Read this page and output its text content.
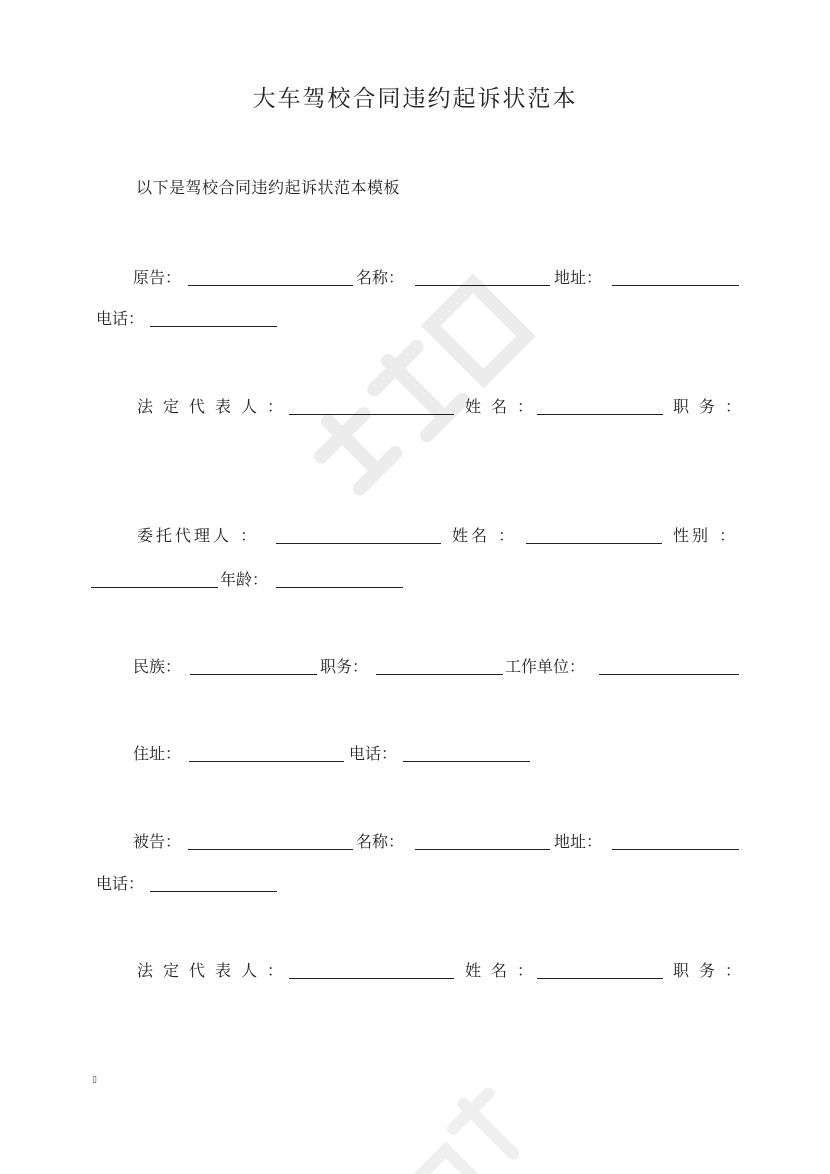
大车驾校合同违约起诉状范本
以下是驾校合同违约起诉状范本模板
原告：	名称：	地址：
电话：
法定代表人：	姓名：	职务：
委托代理人 ：	姓名 ：	性别 ：
年龄：
民族：	职务：	工作单位：
住址：	电话：
被告：	名称：	地址：
电话：
法定代表人：	姓名：	职务：
▯
